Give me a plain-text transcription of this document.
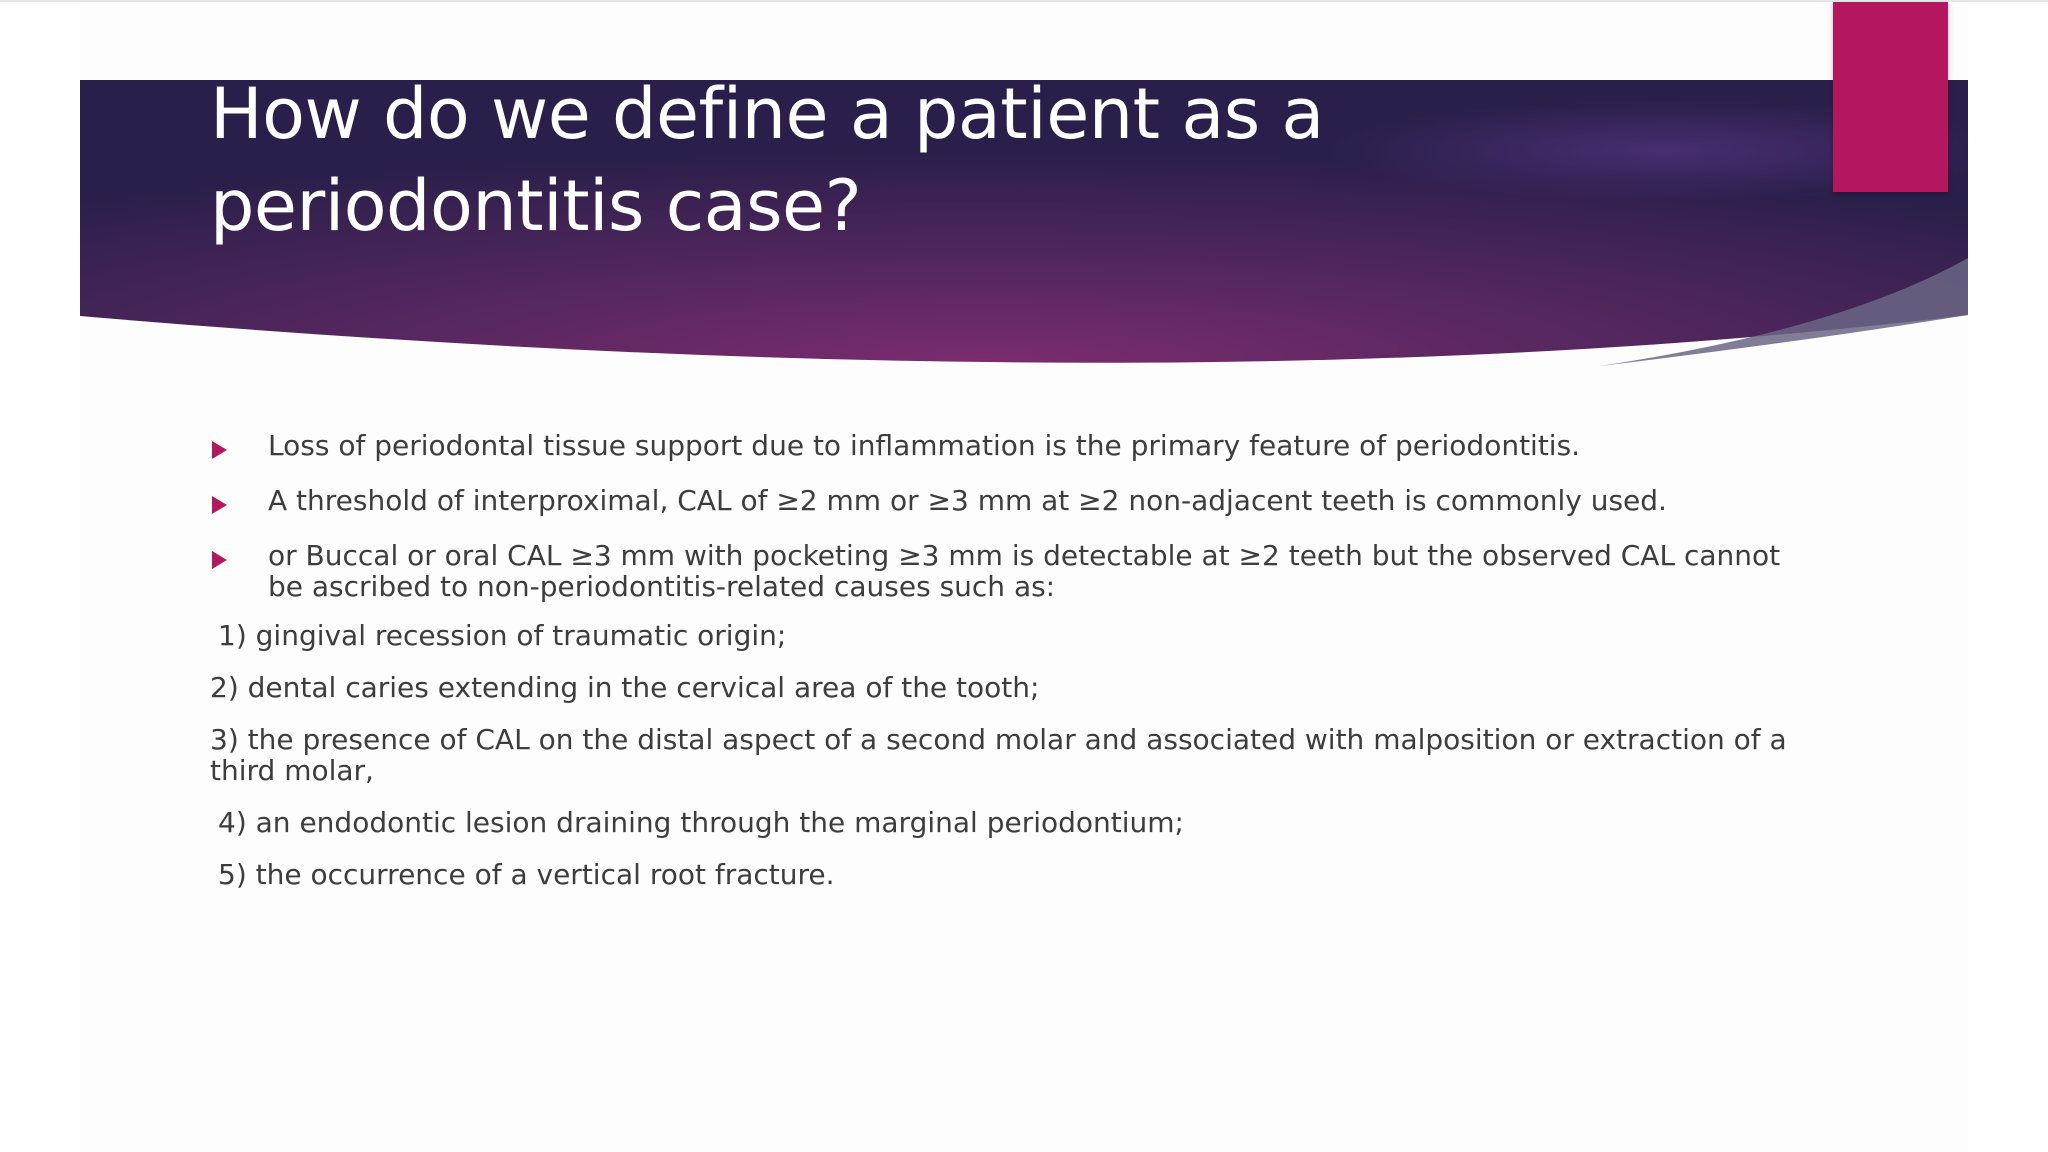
How do we define a patient as a
periodontitis case?
Loss of periodontal tissue support due to inflammation is the primary feature of periodontitis.
A threshold of interproximal, CAL of ≥2 mm or ≥3 mm at ≥2 non-adjacent teeth is commonly used.
or Buccal or oral CAL ≥3 mm with pocketing ≥3 mm is detectable at ≥2 teeth but the observed CAL cannot be ascribed to non-periodontitis-related causes such as:

1) gingival recession of traumatic origin;

2) dental caries extending in the cervical area of the tooth;

3) the presence of CAL on the distal aspect of a second molar and associated with malposition or extraction of a third molar,

4) an endodontic lesion draining through the marginal periodontium;

5) the occurrence of a vertical root fracture.
